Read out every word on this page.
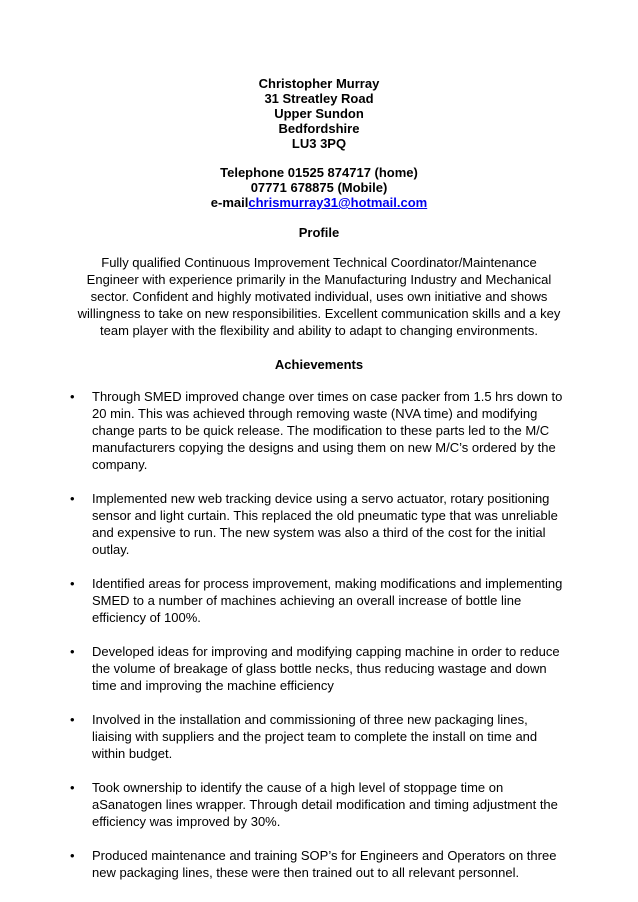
Christopher Murray
31 Streatley Road
Upper Sundon
Bedfordshire
LU3 3PQ
Telephone 01525 874717 (home)
07771 678875 (Mobile)
e-mailchrismurray31@hotmail.com
Profile
Fully qualified Continuous Improvement Technical Coordinator/Maintenance Engineer with experience primarily in the Manufacturing Industry and Mechanical sector. Confident and highly motivated individual, uses own initiative and shows willingness to take on new responsibilities. Excellent communication skills and a key team player with the flexibility and ability to adapt to changing environments.
Achievements
• Through SMED improved change over times on case packer from 1.5 hrs down to 20 min. This was achieved through removing waste (NVA time) and modifying change parts to be quick release. The modification to these parts led to the M/C manufacturers copying the designs and using them on new M/C’s ordered by the company.
• Implemented new web tracking device using a servo actuator, rotary positioning sensor and light curtain. This replaced the old pneumatic type that was unreliable and expensive to run. The new system was also a third of the cost for the initial outlay.
• Identified areas for process improvement, making modifications and implementing SMED to a number of machines achieving an overall increase of bottle line efficiency of 100%.
• Developed ideas for improving and modifying capping machine in order to reduce the volume of breakage of glass bottle necks, thus reducing wastage and down time and improving the machine efficiency
• Involved in the installation and commissioning of three new packaging lines, liaising with suppliers and the project team to complete the install on time and within budget.
• Took ownership to identify the cause of a high level of stoppage time on aSanatogen lines wrapper. Through detail modification and timing adjustment the efficiency was improved by 30%.
• Produced maintenance and training SOP’s for Engineers and Operators on three new packaging lines, these were then trained out to all relevant personnel.
